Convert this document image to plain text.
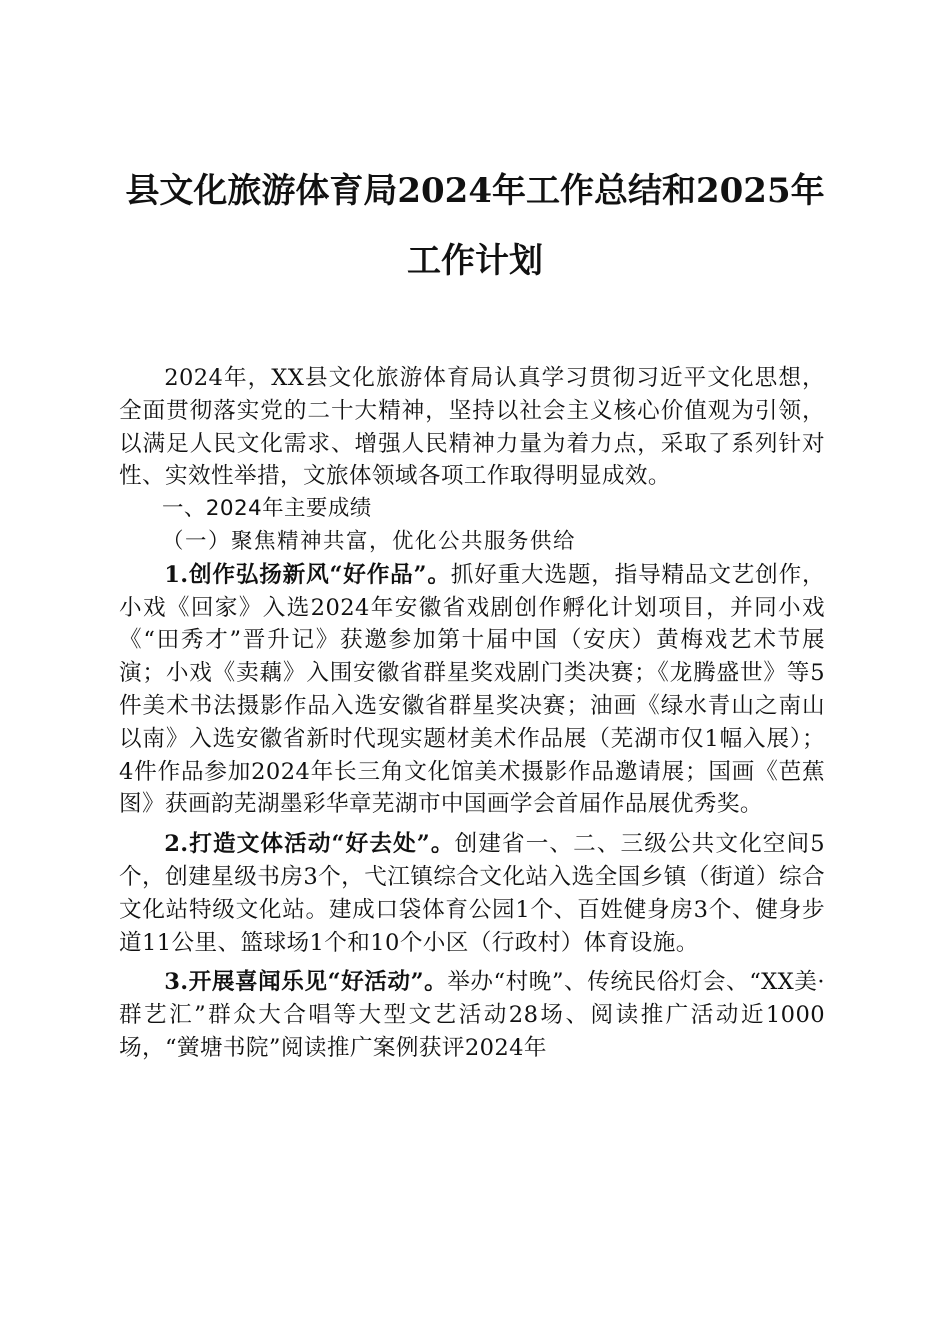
县文化旅游体育局2024年工作总结和2025年
工作计划

2024年，XX县文化旅游体育局认真学习贯彻习近平文化思想，全面贯彻落实党的二十大精神，坚持以社会主义核心价值观为引领，以满足人民文化需求、增强人民精神力量为着力点，采取了系列针对性、实效性举措，文旅体领域各项工作取得明显成效。

一、2024年主要成绩

（一）聚焦精神共富，优化公共服务供给

1.创作弘扬新风“好作品”。抓好重大选题，指导精品文艺创作，小戏《回家》入选2024年安徽省戏剧创作孵化计划项目，并同小戏《“田秀才”晋升记》获邀参加第十届中国（安庆）黄梅戏艺术节展演；小戏《卖藕》入围安徽省群星奖戏剧门类决赛；《龙腾盛世》等5件美术书法摄影作品入选安徽省群星奖决赛；油画《绿水青山之南山以南》入选安徽省新时代现实题材美术作品展（芜湖市仅1幅入展）；4件作品参加2024年长三角文化馆美术摄影作品邀请展；国画《芭蕉图》获画韵芜湖墨彩华章芜湖市中国画学会首届作品展优秀奖。

2.打造文体活动“好去处”。创建省一、二、三级公共文化空间5个，创建星级书房3个，弋江镇综合文化站入选全国乡镇（街道）综合文化站特级文化站。建成口袋体育公园1个、百姓健身房3个、健身步道11公里、篮球场1个和10个小区（行政村）体育设施。

3.开展喜闻乐见“好活动”。举办“村晚”、传统民俗灯会、“XX美·群艺汇”群众大合唱等大型文艺活动28场、阅读推广活动近1000场，“黉塘书院”阅读推广案例获评2024年
